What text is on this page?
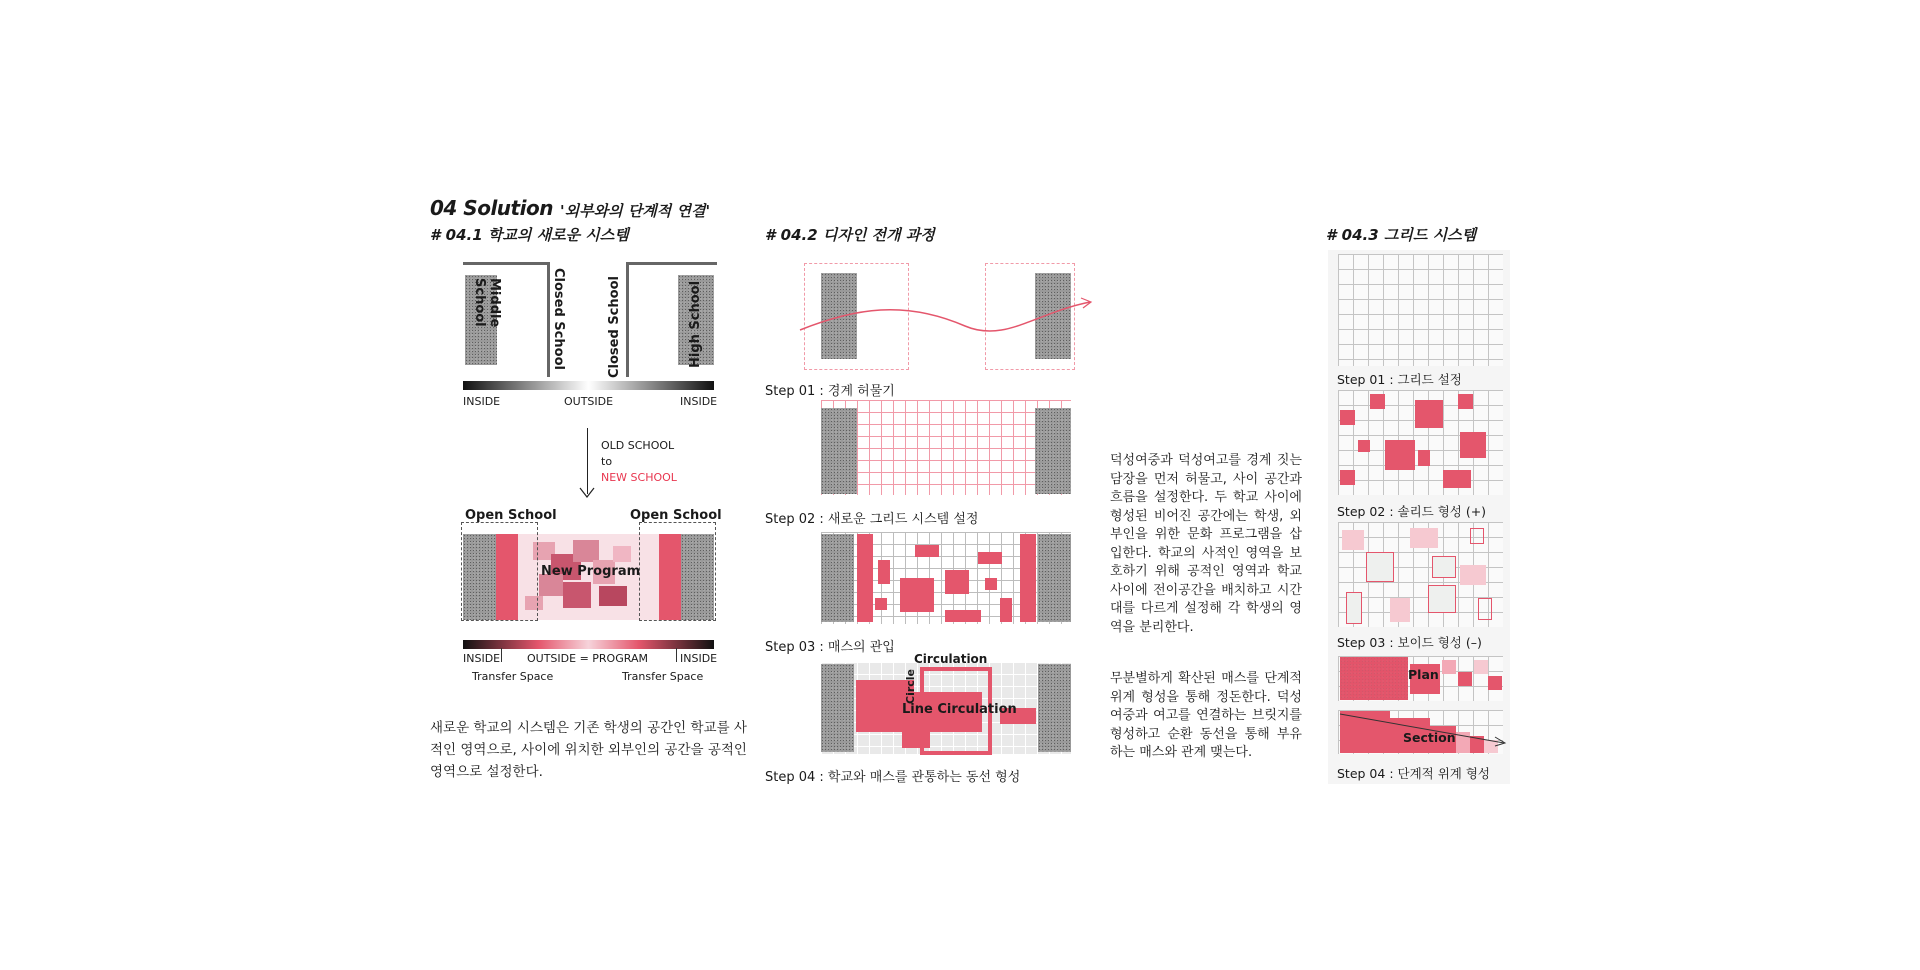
04 Solution '외부와의 단계적 연결'
# 04.1 학교의 새로운 시스템
Middle School	Closed School	Closed School	High School
INSIDE	OUTSIDE	INSIDE
OLD SCHOOL
to
NEW SCHOOL
Open School	Open School
New Program
INSIDE OUTSIDE = PROGRAM	INSIDE
Transfer Space	Transfer Space
새로운 학교의 시스템은 기존 학생의 공간인 학교를 사적인 영역으로, 사이에 위치한 외부인의 공간을 공적인 영역으로 설정한다.
# 04.2 디자인 전개 과정
Step 01 : 경계 허물기
Step 02 : 새로운 그리드 시스템 설정
Step 03 : 매스의 관입
Circulation
Circle
Line Circulation
Step 04 : 학교와 매스를 관통하는 동선 형성
덕성여중과 덕성여고를 경계 짓는 담장을 먼저 허물고, 사이 공간과 흐름을 설정한다. 두 학교 사이에 형성된 비어진 공간에는 학생, 외부인을 위한 문화 프로그램을 삽입한다. 학교의 사적인 영역을 보호하기 위해 공적인 영역과 학교 사이에 전이공간을 배치하고 시간대를 다르게 설정해 각 학생의 영역을 분리한다.
무분별하게 확산된 매스를 단계적 위계 형성을 통해 정돈한다. 덕성여중과 여고를 연결하는 브릿지를 형성하고 순환 동선을 통해 부유하는 매스와 관계 맺는다.
# 04.3 그리드 시스템
Step 01 : 그리드 설정
Step 02 : 솔리드 형성 (+)
Step 03 : 보이드 형성 (–)
Plan
Section
Step 04 : 단계적 위계 형성
